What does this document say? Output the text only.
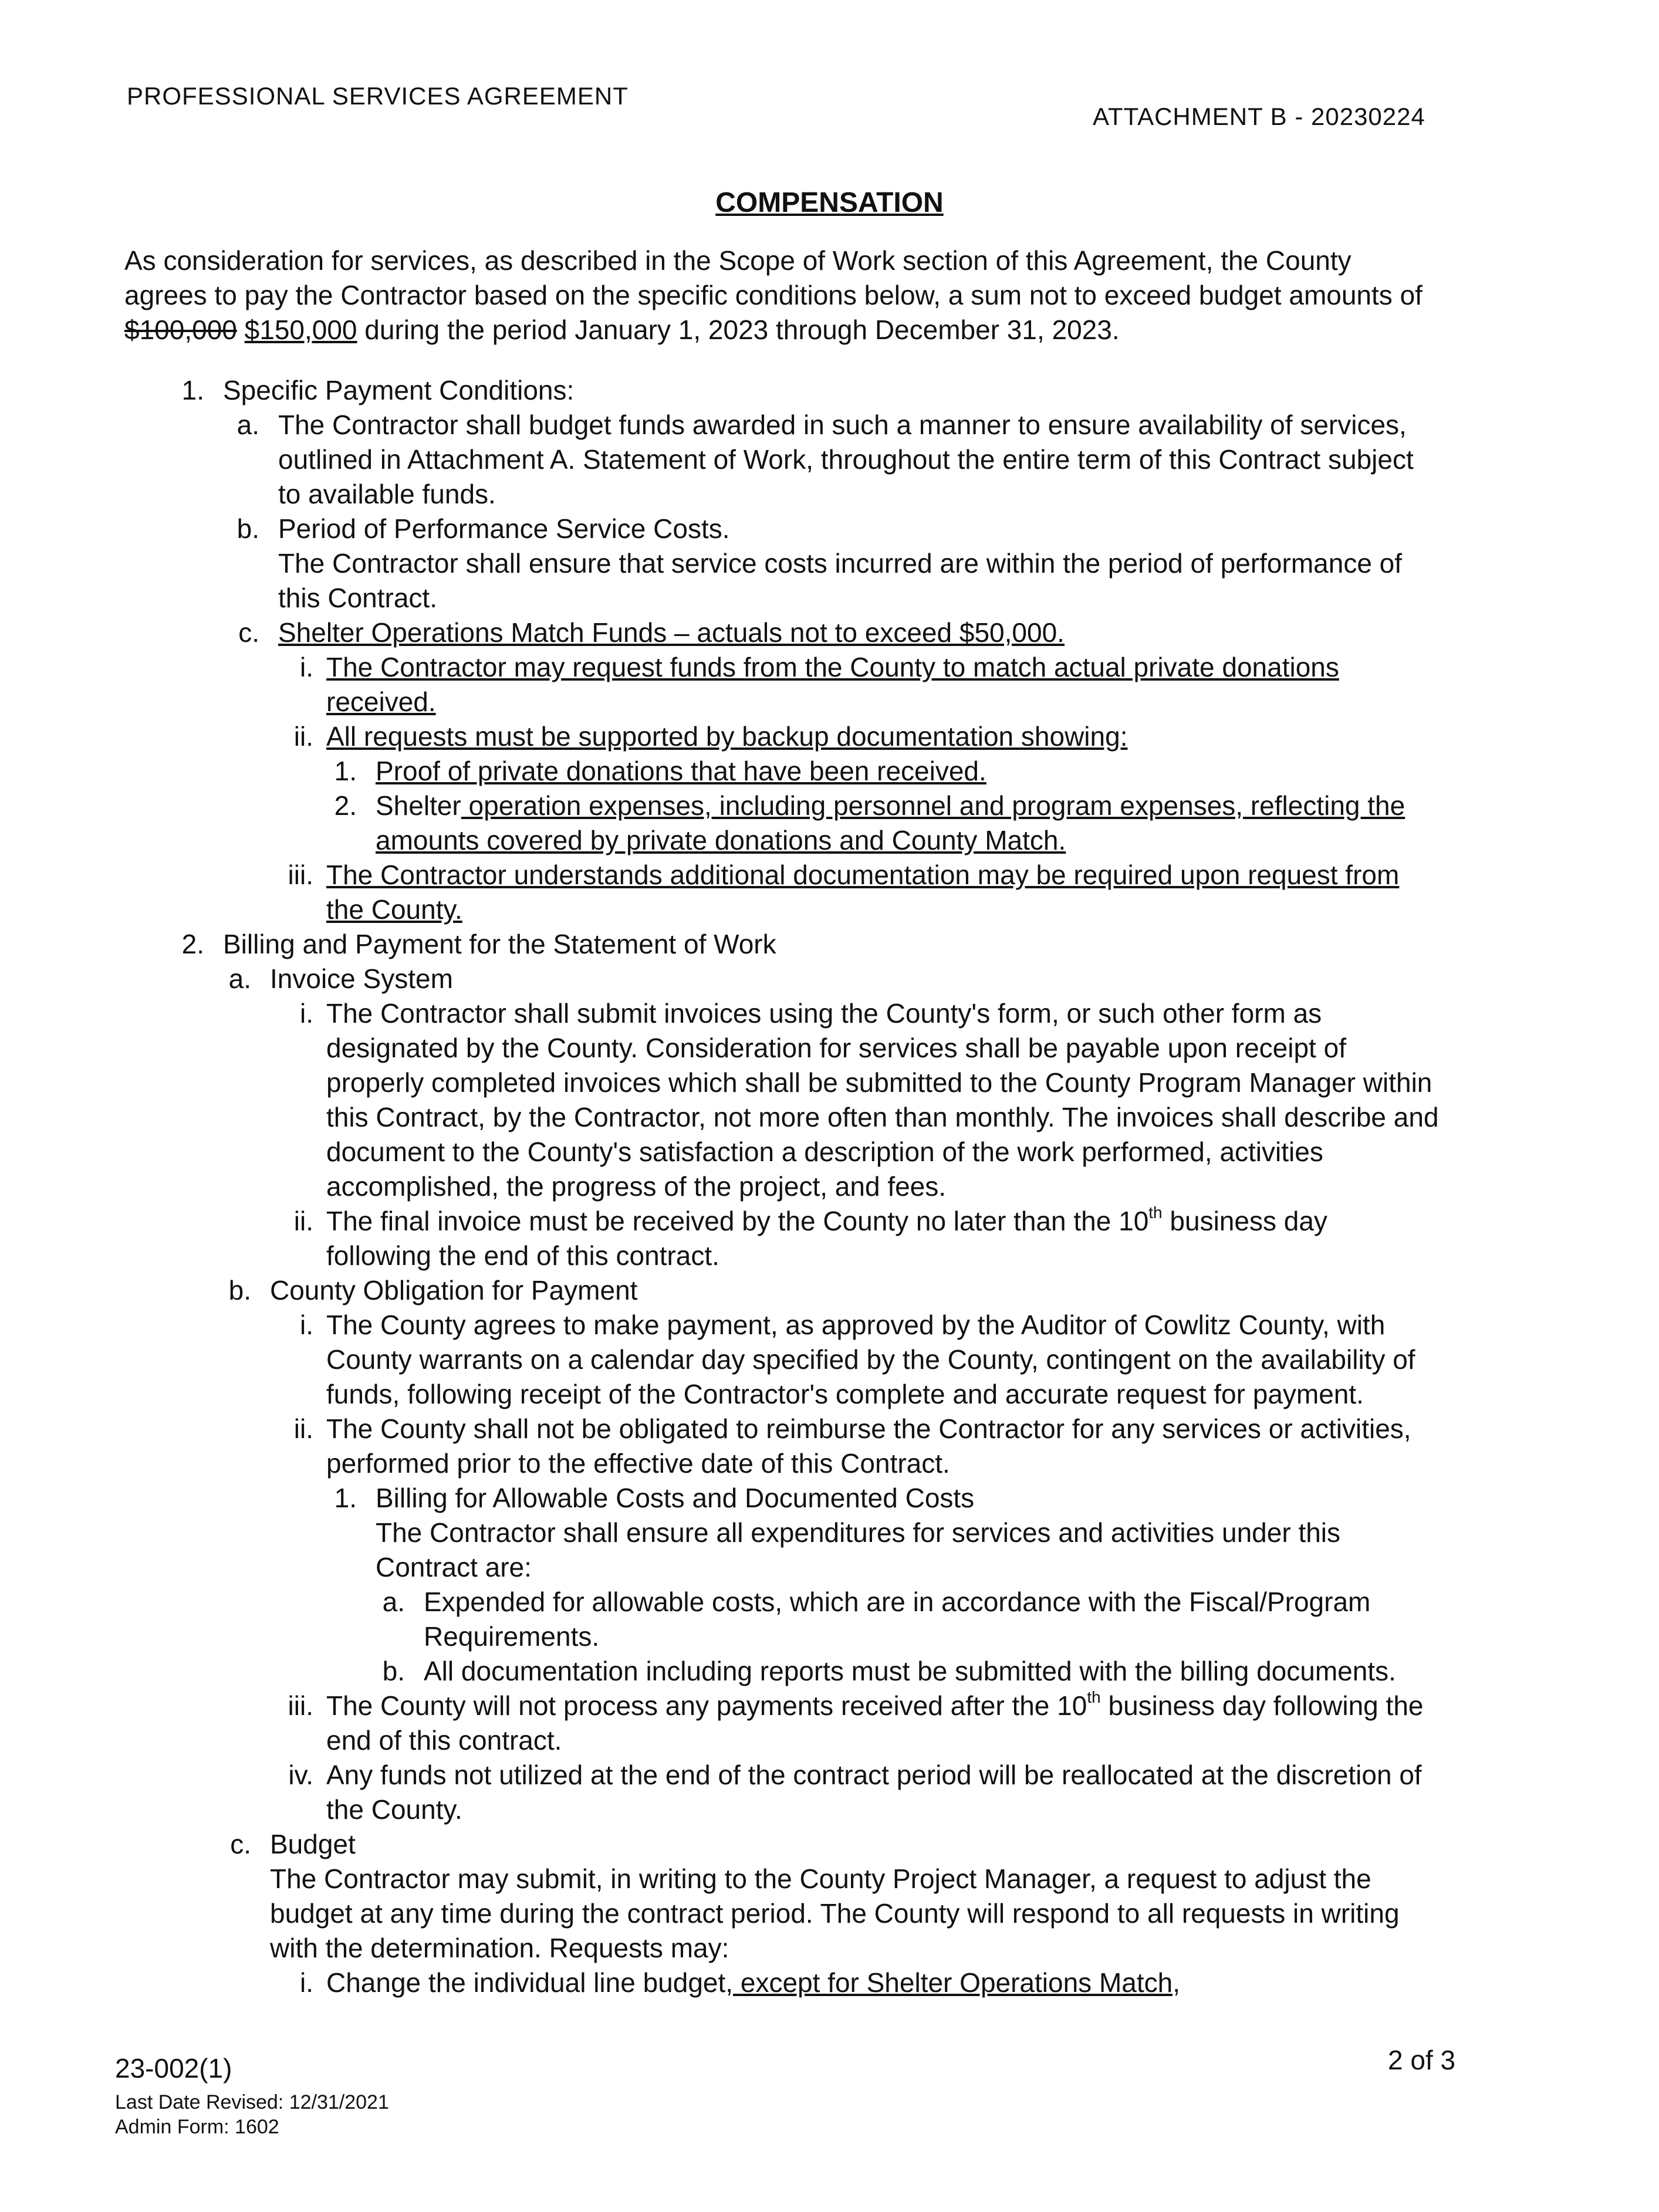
PROFESSIONAL SERVICES AGREEMENT
ATTACHMENT B - 20230224
COMPENSATION

As consideration for services, as described in the Scope of Work section of this Agreement, the County agrees to pay the Contractor based on the specific conditions below, a sum not to exceed budget amounts of $100,000 $150,000 during the period January 1, 2023 through December 31, 2023.

1. Specific Payment Conditions:
a. The Contractor shall budget funds awarded in such a manner to ensure availability of services, outlined in Attachment A. Statement of Work, throughout the entire term of this Contract subject to available funds.
b. Period of Performance Service Costs.
The Contractor shall ensure that service costs incurred are within the period of performance of this Contract.
c. Shelter Operations Match Funds – actuals not to exceed $50,000.
i. The Contractor may request funds from the County to match actual private donations received.
ii. All requests must be supported by backup documentation showing:
1. Proof of private donations that have been received.
2. Shelter operation expenses, including personnel and program expenses, reflecting the amounts covered by private donations and County Match.
iii. The Contractor understands additional documentation may be required upon request from the County.
2. Billing and Payment for the Statement of Work
a. Invoice System
i. The Contractor shall submit invoices using the County's form, or such other form as designated by the County. Consideration for services shall be payable upon receipt of properly completed invoices which shall be submitted to the County Program Manager within this Contract, by the Contractor, not more often than monthly. The invoices shall describe and document to the County's satisfaction a description of the work performed, activities accomplished, the progress of the project, and fees.
ii. The final invoice must be received by the County no later than the 10th business day following the end of this contract.
b. County Obligation for Payment
i. The County agrees to make payment, as approved by the Auditor of Cowlitz County, with County warrants on a calendar day specified by the County, contingent on the availability of funds, following receipt of the Contractor's complete and accurate request for payment.
ii. The County shall not be obligated to reimburse the Contractor for any services or activities, performed prior to the effective date of this Contract.
1. Billing for Allowable Costs and Documented Costs
The Contractor shall ensure all expenditures for services and activities under this Contract are:
a. Expended for allowable costs, which are in accordance with the Fiscal/Program Requirements.
b. All documentation including reports must be submitted with the billing documents.
iii. The County will not process any payments received after the 10th business day following the end of this contract.
iv. Any funds not utilized at the end of the contract period will be reallocated at the discretion of the County.
c. Budget
The Contractor may submit, in writing to the County Project Manager, a request to adjust the budget at any time during the contract period. The County will respond to all requests in writing with the determination. Requests may:
i. Change the individual line budget, except for Shelter Operations Match,
23-002(1)
Last Date Revised: 12/31/2021
Admin Form: 1602
2 of 3
